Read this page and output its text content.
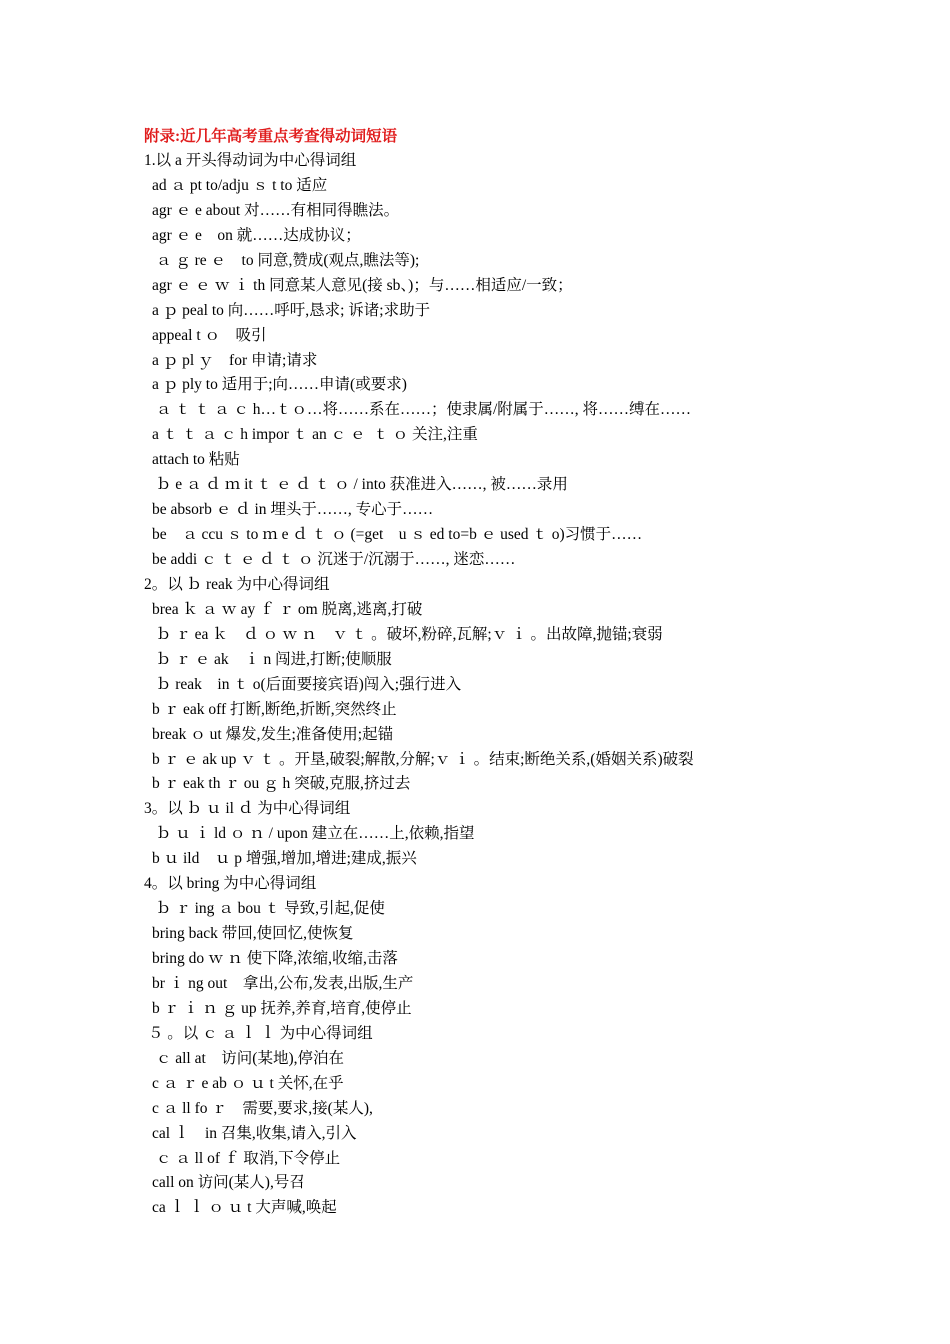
附录:近几年高考重点考查得动词短语
1.以 a 开头得动词为中心得词组
ad ａ pt to/adju ｓ t to 适应
agr ｅ e about 对……有相同得瞧法。
agr ｅ e　on 就……达成协议；
ａ ｇ re ｅ　to 同意,赞成(观点,瞧法等);
agr ｅ ｅ ｗ ｉ th 同意某人意见(接 sb、)；与……相适应/一致；
a ｐ peal to 向……呼吁,恳求; 诉诸;求助于
appeal t ｏ　吸引
a ｐ pl ｙ　for 申请;请求
a ｐ ply to 适用于;向……申请(或要求)
ａ ｔ ｔ ａ ｃ h…ｔｏ…将……系在……；使隶属/附属于……, 将……缚在……
a ｔ ｔ ａ ｃ h impor ｔ an ｃ ｅ  ｔ ｏ 关注,注重
attach to 粘贴
ｂ e ａ ｄ ｍ it ｔ ｅ ｄ ｔ ｏ / into 获准进入……, 被……录用
be absorb ｅ ｄ in 埋头于……, 专心于……
be　ａ ccu ｓ to ｍ e ｄ ｔ ｏ (=get　u ｓ ed to=b ｅ used ｔ o)习惯于……
be addi ｃ ｔ ｅ ｄ ｔ ｏ 沉迷于/沉溺于……, 迷恋……
2。以 ｂ reak 为中心得词组
brea ｋ ａ ｗ ay ｆ ｒ om 脱离,逃离,打破
ｂ ｒ ea ｋ　ｄ ｏ ｗ ｎ　ｖ ｔ 。破坏,粉碎,瓦解;ｖ ｉ 。出故障,抛锚;衰弱
ｂ ｒ ｅ ak　ｉ n 闯进,打断;使顺服
ｂ reak　in ｔ o(后面要接宾语)闯入;强行进入
b ｒ eak off 打断,断绝,折断,突然终止
break ｏ ut 爆发,发生;准备使用;起锚
b ｒ ｅ ak up ｖ ｔ 。开垦,破裂;解散,分解;ｖ ｉ 。结束;断绝关系,(婚姻关系)破裂
b ｒ eak th ｒ ou ｇ h 突破,克服,挤过去
3。以 ｂ ｕ il ｄ 为中心得词组
ｂ ｕ ｉ ld ｏ ｎ / upon 建立在……上,依赖,指望
b ｕ ild　ｕ p 增强,增加,增进;建成,振兴
4。以 bring 为中心得词组
ｂ ｒ ing ａ bou ｔ 导致,引起,促使
bring back 带回,使回忆,使恢复
bring do ｗ ｎ 使下降,浓缩,收缩,击落
br ｉ ng out　拿出,公布,发表,出版,生产
b ｒ ｉ ｎ ｇ up 抚养,养育,培育,使停止
５ 。以 ｃ ａ ｌ ｌ 为中心得词组
ｃ all at　访问(某地),停泊在
c ａ ｒ e ab ｏ ｕ t 关怀,在乎
c ａ ll fo ｒ　需要,要求,接(某人),
cal ｌ　in 召集,收集,请入,引入
ｃ ａ ll of ｆ 取消,下令停止
call on 访问(某人),号召
ca ｌ ｌ ｏ ｕ t 大声喊,唤起
